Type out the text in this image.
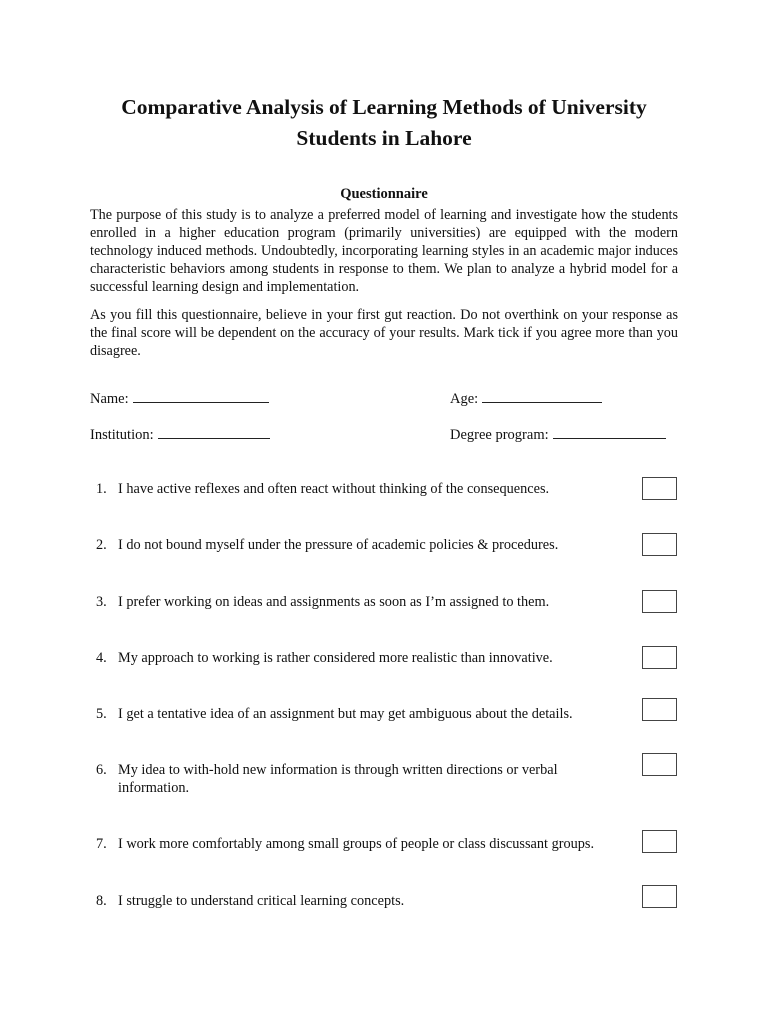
Comparative Analysis of Learning Methods of University
Students in Lahore
Questionnaire

The purpose of this study is to analyze a preferred model of learning and investigate how the students enrolled in a higher education program (primarily universities) are equipped with the modern technology induced methods. Undoubtedly, incorporating learning styles in an academic major induces characteristic behaviors among students in response to them. We plan to analyze a hybrid model for a successful learning design and implementation.

As you fill this questionnaire, believe in your first gut reaction. Do not overthink on your response as the final score will be dependent on the accuracy of your results. Mark tick if you agree more than you disagree.

Name:	Age:
Institution:	Degree program:
1. I have active reflexes and often react without thinking of the consequences.
2. I do not bound myself under the pressure of academic policies & procedures.
3. I prefer working on ideas and assignments as soon as I’m assigned to them.
4. My approach to working is rather considered more realistic than innovative.
5. I get a tentative idea of an assignment but may get ambiguous about the details.
6. My idea to with-hold new information is through written directions or verbal information.
7. I work more comfortably among small groups of people or class discussant groups.
8. I struggle to understand critical learning concepts.
